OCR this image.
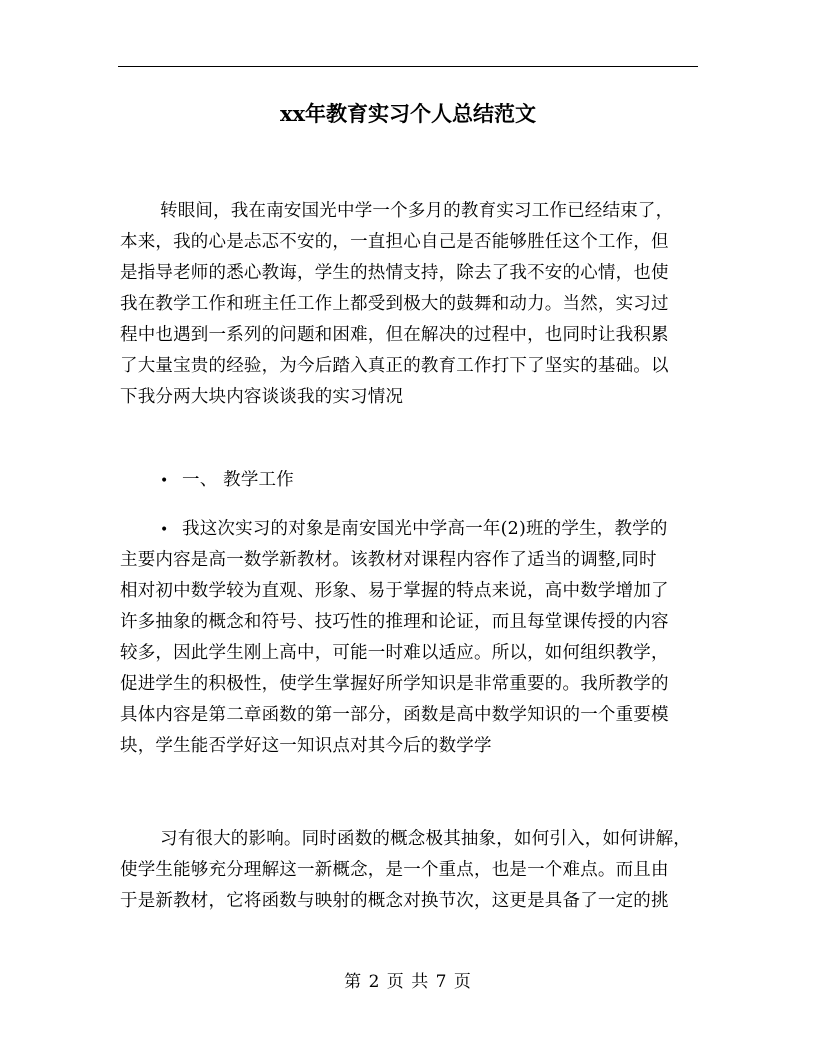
xx年教育实习个人总结范文
转眼间，我在南安国光中学一个多月的教育实习工作已经结束了，
本来，我的心是忐忑不安的，一直担心自己是否能够胜任这个工作，但
是指导老师的悉心教诲，学生的热情支持，除去了我不安的心情，也使
我在教学工作和班主任工作上都受到极大的鼓舞和动力。当然，实习过
程中也遇到一系列的问题和困难，但在解决的过程中，也同时让我积累
了大量宝贵的经验，为今后踏入真正的教育工作打下了坚实的基础。以
下我分两大块内容谈谈我的实习情况
• 一、 教学工作
• 我这次实习的对象是南安国光中学高一年(2)班的学生，教学的
主要内容是高一数学新教材。该教材对课程内容作了适当的调整,同时
相对初中数学较为直观、形象、易于掌握的特点来说，高中数学增加了
许多抽象的概念和符号、技巧性的推理和论证，而且每堂课传授的内容
较多，因此学生刚上高中，可能一时难以适应。所以，如何组织教学，
促进学生的积极性，使学生掌握好所学知识是非常重要的。我所教学的
具体内容是第二章函数的第一部分，函数是高中数学知识的一个重要模
块，学生能否学好这一知识点对其今后的数学学
习有很大的影响。同时函数的概念极其抽象，如何引入，如何讲解，
使学生能够充分理解这一新概念，是一个重点，也是一个难点。而且由
于是新教材，它将函数与映射的概念对换节次，这更是具备了一定的挑
第 2 页 共 7 页
